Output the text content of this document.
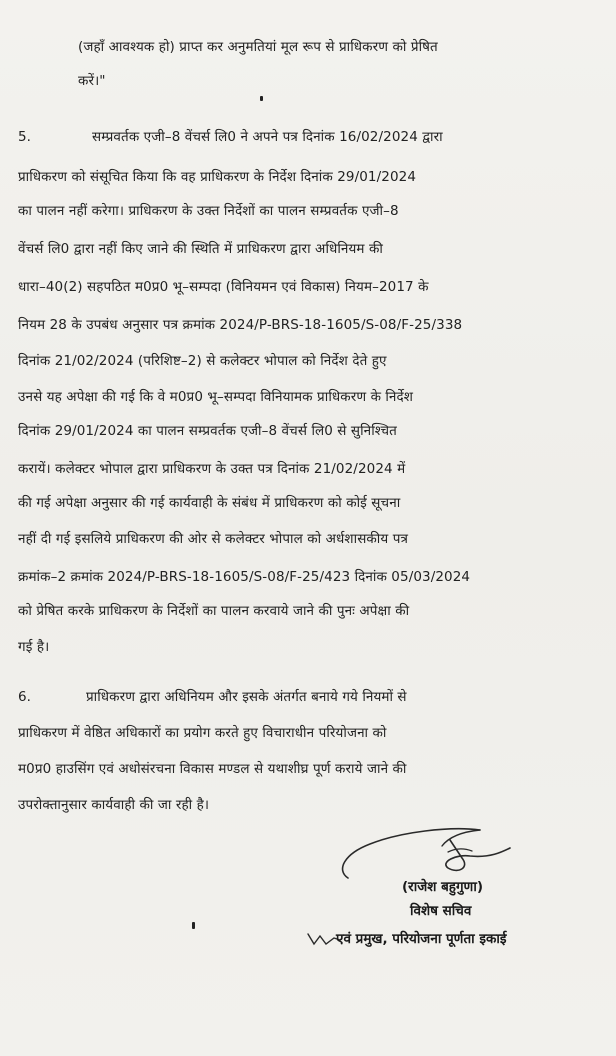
(जहाँ आवश्यक हो) प्राप्त कर अनुमतियां मूल रूप से प्राधिकरण को प्रेषित
करें।"
5.	सम्प्रवर्तक एजी–8 वेंचर्स लि0 ने अपने पत्र दिनांक 16/02/2024 द्वारा
प्राधिकरण को संसूचित किया कि वह प्राधिकरण के निर्देश दिनांक 29/01/2024
का पालन नहीं करेगा। प्राधिकरण के उक्त निर्देशों का पालन सम्प्रवर्तक एजी–8
वेंचर्स लि0 द्वारा नहीं किए जाने की स्थिति में प्राधिकरण द्वारा अधिनियम की
धारा–40(2) सहपठित म0प्र0 भू–सम्पदा (विनियमन एवं विकास) नियम–2017 के
नियम 28 के उपबंध अनुसार पत्र क्रमांक 2024/P-BRS-18-1605/S-08/F-25/338
दिनांक 21/02/2024 (परिशिष्ट–2) से कलेक्टर भोपाल को निर्देश देते हुए
उनसे यह अपेक्षा की गई कि वे म0प्र0 भू–सम्पदा विनियामक प्राधिकरण के निर्देश
दिनांक 29/01/2024 का पालन सम्प्रवर्तक एजी–8 वेंचर्स लि0 से सुनिश्चित
करायें। कलेक्टर भोपाल द्वारा प्राधिकरण के उक्त पत्र दिनांक 21/02/2024 में
की गई अपेक्षा अनुसार की गई कार्यवाही के संबंध में प्राधिकरण को कोई सूचना
नहीं दी गई इसलिये प्राधिकरण की ओर से कलेक्टर भोपाल को अर्धशासकीय पत्र
क्रमांक–2 क्रमांक 2024/P-BRS-18-1605/S-08/F-25/423 दिनांक 05/03/2024
को प्रेषित करके प्राधिकरण के निर्देशों का पालन करवाये जाने की पुनः अपेक्षा की
गई है।
6.	प्राधिकरण द्वारा अधिनियम और इसके अंतर्गत बनाये गये नियमों से
प्राधिकरण में वेष्ठित अधिकारों का प्रयोग करते हुए विचाराधीन परियोजना को
म0प्र0 हाउसिंग एवं अधोसंरचना विकास मण्डल से यथाशीघ्र पूर्ण कराये जाने की
उपरोक्तानुसार कार्यवाही की जा रही है।
(राजेश बहुगुणा)
विशेष सचिव
एवं प्रमुख, परियोजना पूर्णता इकाई
